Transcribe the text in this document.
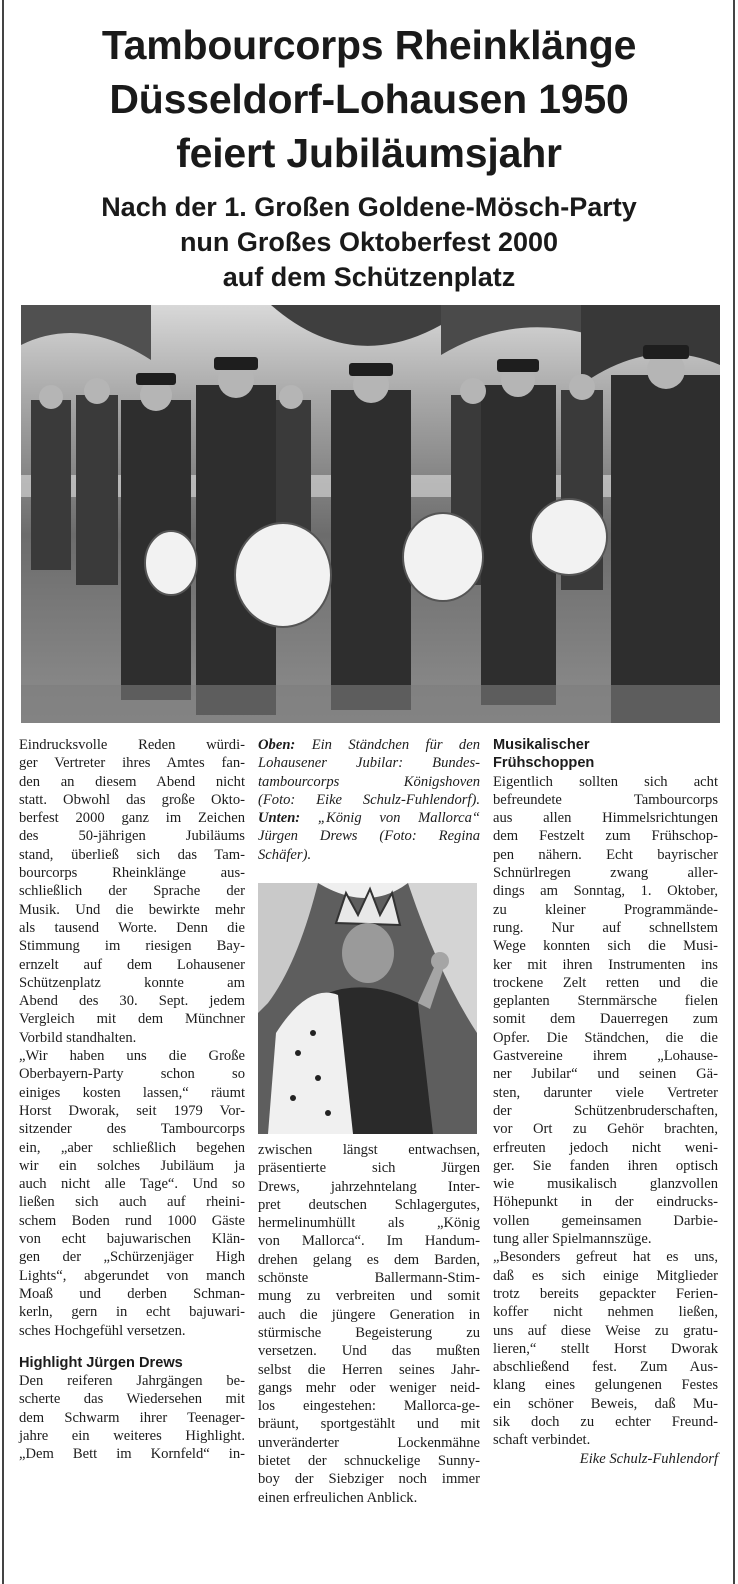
Tambourcorps Rheinklänge
Düsseldorf-Lohausen 1950
feiert Jubiläumsjahr
Nach der 1. Großen Goldene-Mösch-Party
nun Großes Oktoberfest 2000
auf dem Schützenplatz
Eindrucksvolle Reden würdi-
ger Vertreter ihres Amtes fan-
den an diesem Abend nicht
statt. Obwohl das große Okto-
berfest 2000 ganz im Zeichen
des 50-jährigen Jubiläums
stand, überließ sich das Tam-
bourcorps Rheinklänge aus-
schließlich der Sprache der
Musik. Und die bewirkte mehr
als tausend Worte. Denn die
Stimmung im riesigen Bay-
ernzelt auf dem Lohausener
Schützenplatz konnte am
Abend des 30. Sept. jedem
Vergleich mit dem Münchner
Vorbild standhalten.
„Wir haben uns die Große
Oberbayern-Party schon so
einiges kosten lassen,“ räumt
Horst Dworak, seit 1979 Vor-
sitzender des Tambourcorps
ein, „aber schließlich begehen
wir ein solches Jubiläum ja
auch nicht alle Tage“. Und so
ließen sich auch auf rheini-
schem Boden rund 1000 Gäste
von echt bajuwarischen Klän-
gen der „Schürzenjäger High
Lights“, abgerundet von manch
Moaß und derben Schman-
kerln, gern in echt bajuwari-
sches Hochgefühl versetzen.
Highlight Jürgen Drews
Den reiferen Jahrgängen be-
scherte das Wiedersehen mit
dem Schwarm ihrer Teenager-
jahre ein weiteres Highlight.
„Dem Bett im Kornfeld“ in-
Oben: Ein Ständchen für den
Lohausener Jubilar: Bundes-
tambourcorps Königshoven
(Foto: Eike Schulz-Fuhlendorf).
Unten: „König von Mallorca“
Jürgen Drews (Foto: Regina
Schäfer).
zwischen längst entwachsen,
präsentierte sich Jürgen
Drews, jahrzehntelang Inter-
pret deutschen Schlagergutes,
hermelinumhüllt als „König
von Mallorca“. Im Handum-
drehen gelang es dem Barden,
schönste Ballermann-Stim-
mung zu verbreiten und somit
auch die jüngere Generation in
stürmische Begeisterung zu
versetzen. Und das mußten
selbst die Herren seines Jahr-
gangs mehr oder weniger neid-
los eingestehen: Mallorca-ge-
bräunt, sportgestählt und mit
unveränderter Lockenmähne
bietet der schnuckelige Sunny-
boy der Siebziger noch immer
einen erfreulichen Anblick.
Musikalischer
Frühschoppen
Eigentlich sollten sich acht
befreundete Tambourcorps
aus allen Himmelsrichtungen
dem Festzelt zum Frühschop-
pen nähern. Echt bayrischer
Schnürlregen zwang aller-
dings am Sonntag, 1. Oktober,
zu kleiner Programmände-
rung. Nur auf schnellstem
Wege konnten sich die Musi-
ker mit ihren Instrumenten ins
trockene Zelt retten und die
geplanten Sternmärsche fielen
somit dem Dauerregen zum
Opfer. Die Ständchen, die die
Gastvereine ihrem „Lohause-
ner Jubilar“ und seinen Gä-
sten, darunter viele Vertreter
der Schützenbruderschaften,
vor Ort zu Gehör brachten,
erfreuten jedoch nicht weni-
ger. Sie fanden ihren optisch
wie musikalisch glanzvollen
Höhepunkt in der eindrucks-
vollen gemeinsamen Darbie-
tung aller Spielmannszüge.
„Besonders gefreut hat es uns,
daß es sich einige Mitglieder
trotz bereits gepackter Ferien-
koffer nicht nehmen ließen,
uns auf diese Weise zu gratu-
lieren,“ stellt Horst Dworak
abschließend fest. Zum Aus-
klang eines gelungenen Festes
ein schöner Beweis, daß Mu-
sik doch zu echter Freund-
schaft verbindet.
Eike Schulz-Fuhlendorf
